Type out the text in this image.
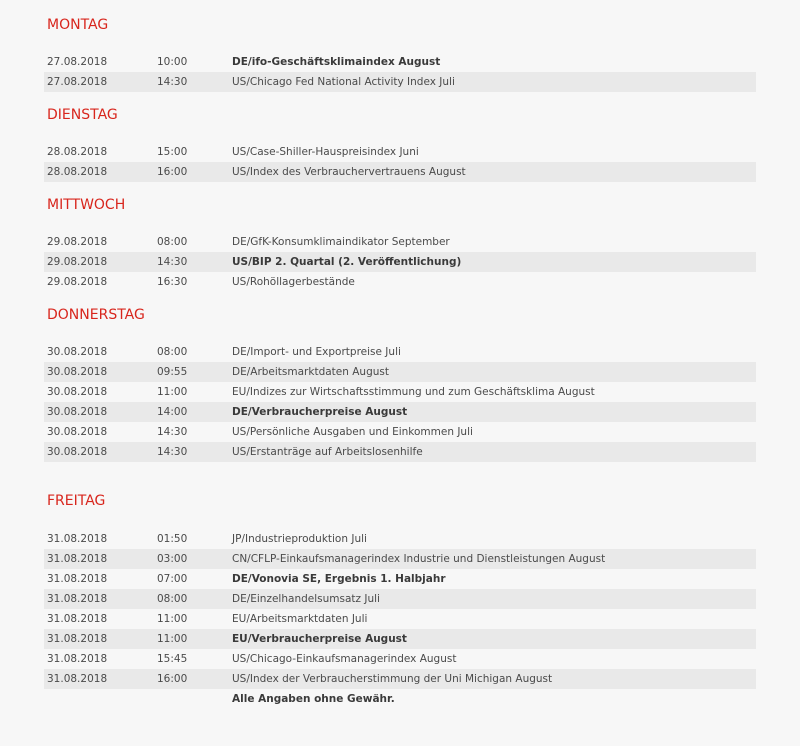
MONTAG
27.08.2018	10:00	DE/ifo-Geschäftsklimaindex August
27.08.2018	14:30	US/Chicago Fed National Activity Index Juli
DIENSTAG
28.08.2018	15:00	US/Case-Shiller-Hauspreisindex Juni
28.08.2018	16:00	US/Index des Verbrauchervertrauens August
MITTWOCH
29.08.2018	08:00	DE/GfK-Konsumklimaindikator September
29.08.2018	14:30	US/BIP 2. Quartal (2. Veröffentlichung)
29.08.2018	16:30	US/Rohöllagerbestände
DONNERSTAG
30.08.2018	08:00	DE/Import- und Exportpreise Juli
30.08.2018	09:55	DE/Arbeitsmarktdaten August
30.08.2018	11:00	EU/Indizes zur Wirtschaftsstimmung und zum Geschäftsklima August
30.08.2018	14:00	DE/Verbraucherpreise August
30.08.2018	14:30	US/Persönliche Ausgaben und Einkommen Juli
30.08.2018	14:30	US/Erstanträge auf Arbeitslosenhilfe
FREITAG
31.08.2018	01:50	JP/Industrieproduktion Juli
31.08.2018	03:00	CN/CFLP-Einkaufsmanagerindex Industrie und Dienstleistungen August
31.08.2018	07:00	DE/Vonovia SE, Ergebnis 1. Halbjahr
31.08.2018	08:00	DE/Einzelhandelsumsatz Juli
31.08.2018	11:00	EU/Arbeitsmarktdaten Juli
31.08.2018	11:00	EU/Verbraucherpreise August
31.08.2018	15:45	US/Chicago-Einkaufsmanagerindex August
31.08.2018	16:00	US/Index der Verbraucherstimmung der Uni Michigan August
Alle Angaben ohne Gewähr.
